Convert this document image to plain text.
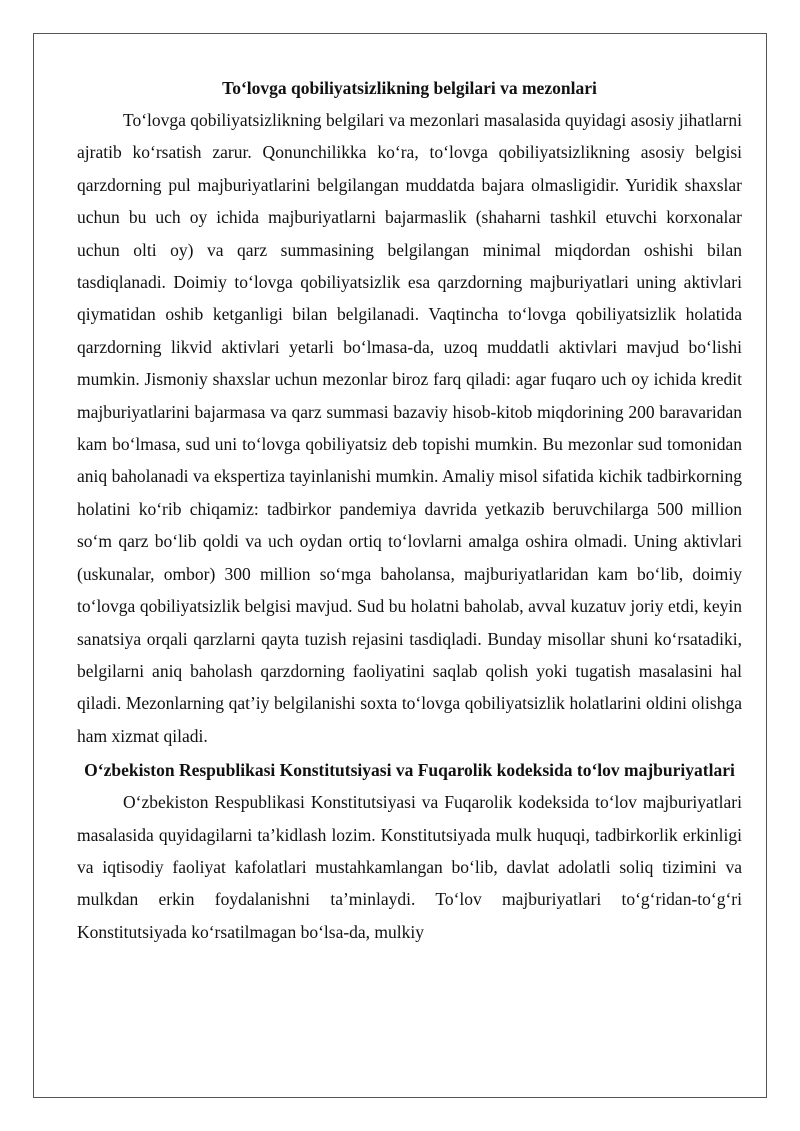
To‘lovga qobiliyatsizlikning belgilari va mezonlari

To‘lovga qobiliyatsizlikning belgilari va mezonlari masalasida quyidagi asosiy jihatlarni ajratib ko‘rsatish zarur. Qonunchilikka ko‘ra, to‘lovga qobiliyatsizlikning asosiy belgisi qarzdorning pul majburiyatlarini belgilangan muddatda bajara olmasligidir. Yuridik shaxslar uchun bu uch oy ichida majburiyatlarni bajarmaslik (shaharni tashkil etuvchi korxonalar uchun olti oy) va qarz summasining belgilangan minimal miqdordan oshishi bilan tasdiqlanadi. Doimiy to‘lovga qobiliyatsizlik esa qarzdorning majburiyatlari uning aktivlari qiymatidan oshib ketganligi bilan belgilanadi. Vaqtincha to‘lovga qobiliyatsizlik holatida qarzdorning likvid aktivlari yetarli bo‘lmasa-da, uzoq muddatli aktivlari mavjud bo‘lishi mumkin. Jismoniy shaxslar uchun mezonlar biroz farq qiladi: agar fuqaro uch oy ichida kredit majburiyatlarini bajarmasa va qarz summasi bazaviy hisob-kitob miqdorining 200 baravaridan kam bo‘lmasa, sud uni to‘lovga qobiliyatsiz deb topishi mumkin. Bu mezonlar sud tomonidan aniq baholanadi va ekspertiza tayinlanishi mumkin. Amaliy misol sifatida kichik tadbirkorning holatini ko‘rib chiqamiz: tadbirkor pandemiya davrida yetkazib beruvchilarga 500 million so‘m qarz bo‘lib qoldi va uch oydan ortiq to‘lovlarni amalga oshira olmadi. Uning aktivlari (uskunalar, ombor) 300 million so‘mga baholansa, majburiyatlaridan kam bo‘lib, doimiy to‘lovga qobiliyatsizlik belgisi mavjud. Sud bu holatni baholab, avval kuzatuv joriy etdi, keyin sanatsiya orqali qarzlarni qayta tuzish rejasini tasdiqladi. Bunday misollar shuni ko‘rsatadiki, belgilarni aniq baholash qarzdorning faoliyatini saqlab qolish yoki tugatish masalasini hal qiladi. Mezonlarning qat’iy belgilanishi soxta to‘lovga qobiliyatsizlik holatlarini oldini olishga ham xizmat qiladi.

O‘zbekiston Respublikasi Konstitutsiyasi va Fuqarolik kodeksida to‘lov majburiyatlari

O‘zbekiston Respublikasi Konstitutsiyasi va Fuqarolik kodeksida to‘lov majburiyatlari masalasida quyidagilarni ta’kidlash lozim. Konstitutsiyada mulk huquqi, tadbirkorlik erkinligi va iqtisodiy faoliyat kafolatlari mustahkamlangan bo‘lib, davlat adolatli soliq tizimini va mulkdan erkin foydalanishni ta’minlaydi. To‘lov majburiyatlari to‘g‘ridan-to‘g‘ri Konstitutsiyada ko‘rsatilmagan bo‘lsa-da, mulkiy
